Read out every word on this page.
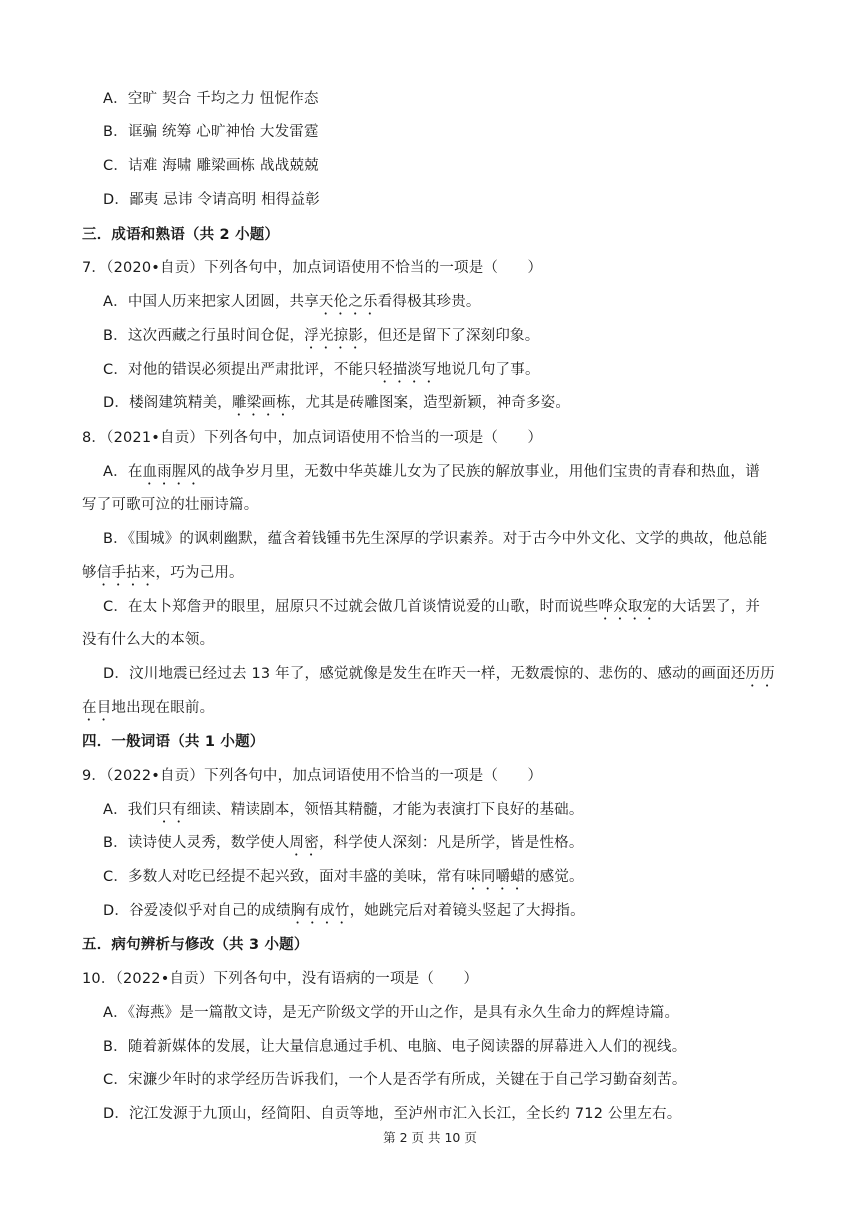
A．空旷 契合 千均之力 忸怩作态
B．诓骗 统筹 心旷神怡 大发雷霆
C．诘难 海啸 雕梁画栋 战战兢兢
D．鄙夷 忌讳 令请高明 相得益彰
三．成语和熟语（共 2 小题）
7．（2020•自贡）下列各句中，加点词语使用不恰当的一项是（　　）
A．中国人历来把家人团圆，共享天伦之乐看得极其珍贵。
B．这次西藏之行虽时间仓促，浮光掠影，但还是留下了深刻印象。
C．对他的错误必须提出严肃批评，不能只轻描淡写地说几句了事。
D．楼阁建筑精美，雕梁画栋，尤其是砖雕图案，造型新颖，神奇多姿。
8．（2021•自贡）下列各句中，加点词语使用不恰当的一项是（　　）
A．在血雨腥风的战争岁月里，无数中华英雄儿女为了民族的解放事业，用他们宝贵的青春和热血，谱
写了可歌可泣的壮丽诗篇。
B．《围城》的讽刺幽默，蕴含着钱锺书先生深厚的学识素养。对于古今中外文化、文学的典故，他总能
够信手拈来，巧为己用。
C．在太卜郑詹尹的眼里，屈原只不过就会做几首谈情说爱的山歌，时而说些哗众取宠的大话罢了，并
没有什么大的本领。
D．汶川地震已经过去 13 年了，感觉就像是发生在昨天一样，无数震惊的、悲伤的、感动的画面还历历
在目地出现在眼前。
四．一般词语（共 1 小题）
9．（2022•自贡）下列各句中，加点词语使用不恰当的一项是（　　）
A．我们只有细读、精读剧本，领悟其精髓，才能为表演打下良好的基础。
B．读诗使人灵秀，数学使人周密，科学使人深刻：凡是所学，皆是性格。
C．多数人对吃已经提不起兴致，面对丰盛的美味，常有味同嚼蜡的感觉。
D．谷爱凌似乎对自己的成绩胸有成竹，她跳完后对着镜头竖起了大拇指。
五．病句辨析与修改（共 3 小题）
10．（2022•自贡）下列各句中，没有语病的一项是（　　）
A．《海燕》是一篇散文诗，是无产阶级文学的开山之作，是具有永久生命力的辉煌诗篇。
B．随着新媒体的发展，让大量信息通过手机、电脑、电子阅读器的屏幕进入人们的视线。
C．宋濂少年时的求学经历告诉我们，一个人是否学有所成，关键在于自己学习勤奋刻苦。
D．沱江发源于九顶山，经简阳、自贡等地，至泸州市汇入长江，全长约 712 公里左右。
第 2 页 共 10 页
